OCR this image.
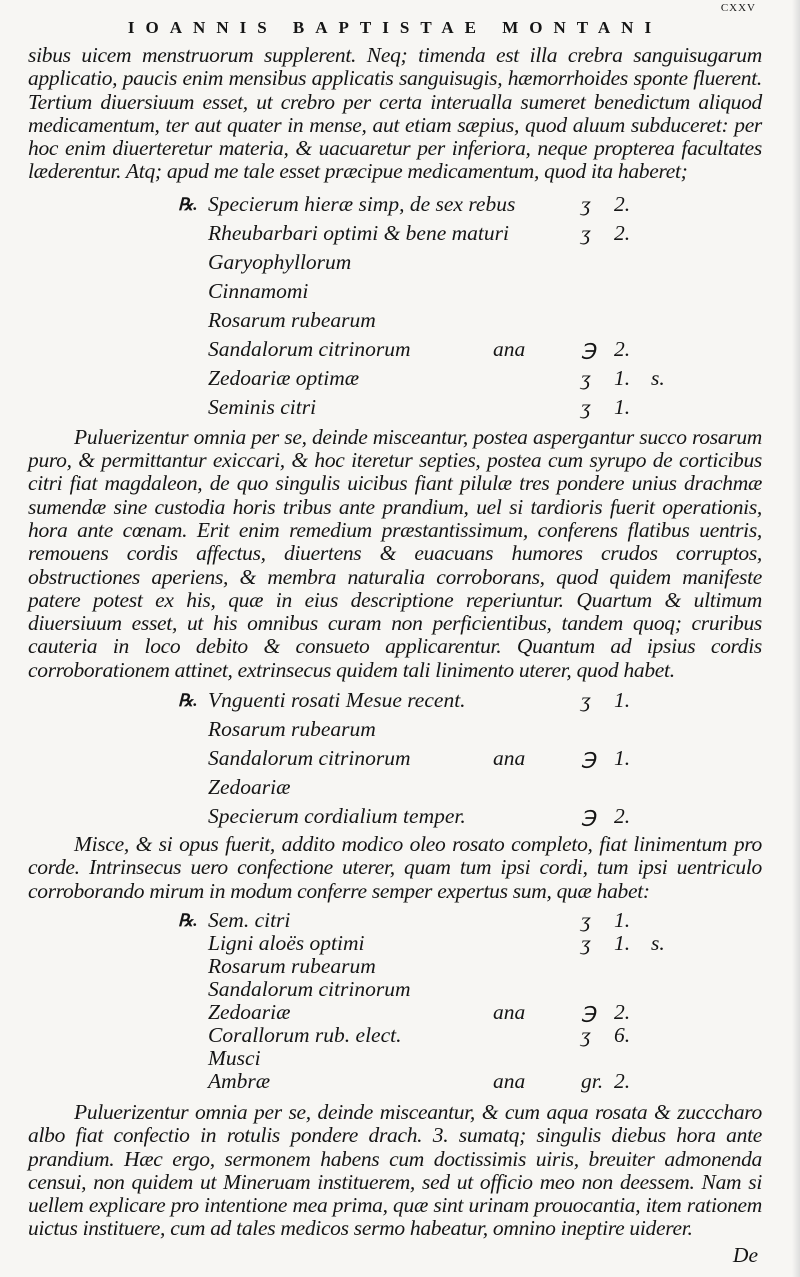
IOANNIS BAPTISTAE MONTANI
CXXV

sibus uicem menstruorum supplerent. Neq; timenda est illa crebra sanguisugarum applicatio, paucis enim mensibus applicatis sanguisugis, hæmorrhoides sponte fluerent. Tertium diuersiuum esset, ut crebro per certa interualla sumeret benedictum aliquod medicamentum, ter aut quater in mense, aut etiam sæpius, quod aluum subduceret: per hoc enim diuerteretur materia, & uacuaretur per inferiora, neque propterea facultates læderentur. Atq; apud me tale esset præcipue medicamentum, quod ita haberet;

℞. Specierum hieræ simp, de sex rebus	ʒ 2.
Rheubarbari optimi & bene maturi	ʒ 2.
Garyophyllorum
Cinnamomi
Rosarum rubearum
Sandalorum citrinorum	ana	℈ 2.
Zedoariæ optimæ	ʒ 1. s.
Seminis citri	ʒ 1.

Puluerizentur omnia per se, deinde misceantur, postea aspergantur succo rosarum puro, & permittantur exiccari, & hoc iteretur septies, postea cum syrupo de corticibus citri fiat magdaleon, de quo singulis uicibus fiant pilulæ tres pondere unius drachmæ sumendæ sine custodia horis tribus ante prandium, uel si tardioris fuerit operationis, hora ante cœnam. Erit enim remedium præstantissimum, conferens flatibus uentris, remouens cordis affectus, diuertens & euacuans humores crudos corruptos, obstructiones aperiens, & membra naturalia corroborans, quod quidem manifeste patere potest ex his, quæ in eius descriptione reperiuntur. Quartum & ultimum diuersiuum esset, ut his omnibus curam non perficientibus, tandem quoq; cruribus cauteria in loco debito & consueto applicarentur. Quantum ad ipsius cordis corroborationem attinet, extrinsecus quidem tali linimento uterer, quod habet.

℞. Vnguenti rosati Mesue recent.	ʒ 1.
Rosarum rubearum
Sandalorum citrinorum	ana	℈ 1.
Zedoariæ
Specierum cordialium temper.	℈ 2.

Misce, & si opus fuerit, addito modico oleo rosato completo, fiat linimentum pro corde. Intrinsecus uero confectione uterer, quam tum ipsi cordi, tum ipsi uentriculo corroborando mirum in modum conferre semper expertus sum, quæ habet:

℞. Sem. citri	ʒ 1.
Ligni aloës optimi	ʒ 1. s.
Rosarum rubearum
Sandalorum citrinorum
Zedoariæ	ana	℈ 2.
Corallorum rub. elect.	ʒ 6.
Musci
Ambræ	ana	gr. 2.

Puluerizentur omnia per se, deinde misceantur, & cum aqua rosata & zucccharo albo fiat confectio in rotulis pondere drach. 3. sumatq; singulis diebus hora ante prandium. Hæc ergo, sermonem habens cum doctissimis uiris, breuiter admonenda censui, non quidem ut Mineruam instituerem, sed ut officio meo non deessem. Nam si uellem explicare pro intentione mea prima, quæ sint urinam prouocantia, item rationem uictus instituere, cum ad tales medicos sermo habeatur, omnino ineptire uiderer.

De
